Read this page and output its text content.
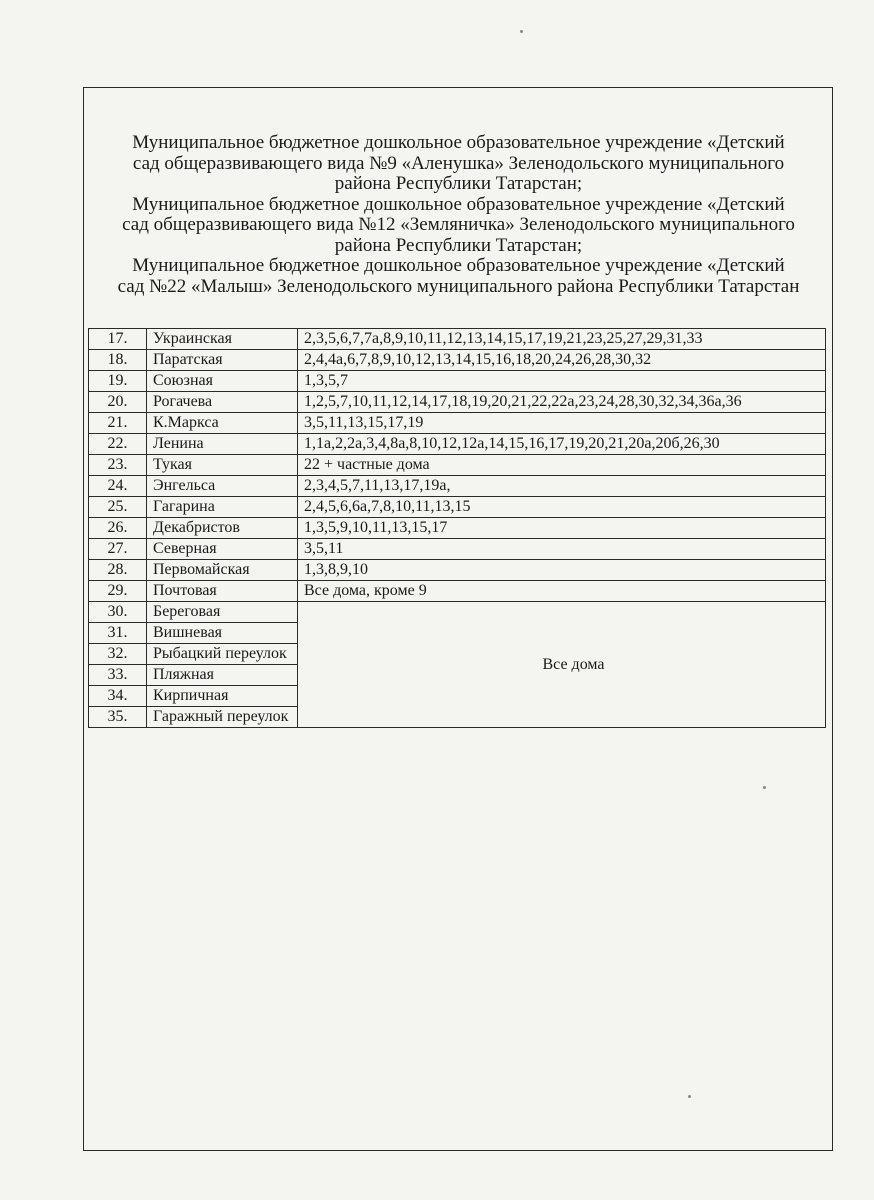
Муниципальное бюджетное дошкольное образовательное учреждение «Детский

сад общеразвивающего вида №9 «Аленушка» Зеленодольского муниципального

района Республики Татарстан;

Муниципальное бюджетное дошкольное образовательное учреждение «Детский

сад общеразвивающего вида №12 «Земляничка» Зеленодольского муниципального

района Республики Татарстан;

Муниципальное бюджетное дошкольное образовательное учреждение «Детский

сад №22 «Малыш» Зеленодольского муниципального района Республики Татарстан

17.	Украинская	2,3,5,6,7,7а,8,9,10,11,12,13,14,15,17,19,21,23,25,27,29,31,33
18.	Паратская	2,4,4а,6,7,8,9,10,12,13,14,15,16,18,20,24,26,28,30,32
19.	Союзная	1,3,5,7
20.	Рогачева	1,2,5,7,10,11,12,14,17,18,19,20,21,22,22а,23,24,28,30,32,34,36а,36
21.	К.Маркса	3,5,11,13,15,17,19
22.	Ленина	1,1а,2,2а,3,4,8а,8,10,12,12а,14,15,16,17,19,20,21,20а,20б,26,30
23.	Тукая	22 + частные дома
24.	Энгельса	2,3,4,5,7,11,13,17,19а,
25.	Гагарина	2,4,5,6,6а,7,8,10,11,13,15
26.	Декабристов	1,3,5,9,10,11,13,15,17
27.	Северная	3,5,11
28.	Первомайская	1,3,8,9,10
29.	Почтовая	Все дома, кроме 9
30.	Береговая	Все дома
31.	Вишневая	
32.	Рыбацкий переулок	
33.	Пляжная	
34.	Кирпичная	
35.	Гаражный переулок	
